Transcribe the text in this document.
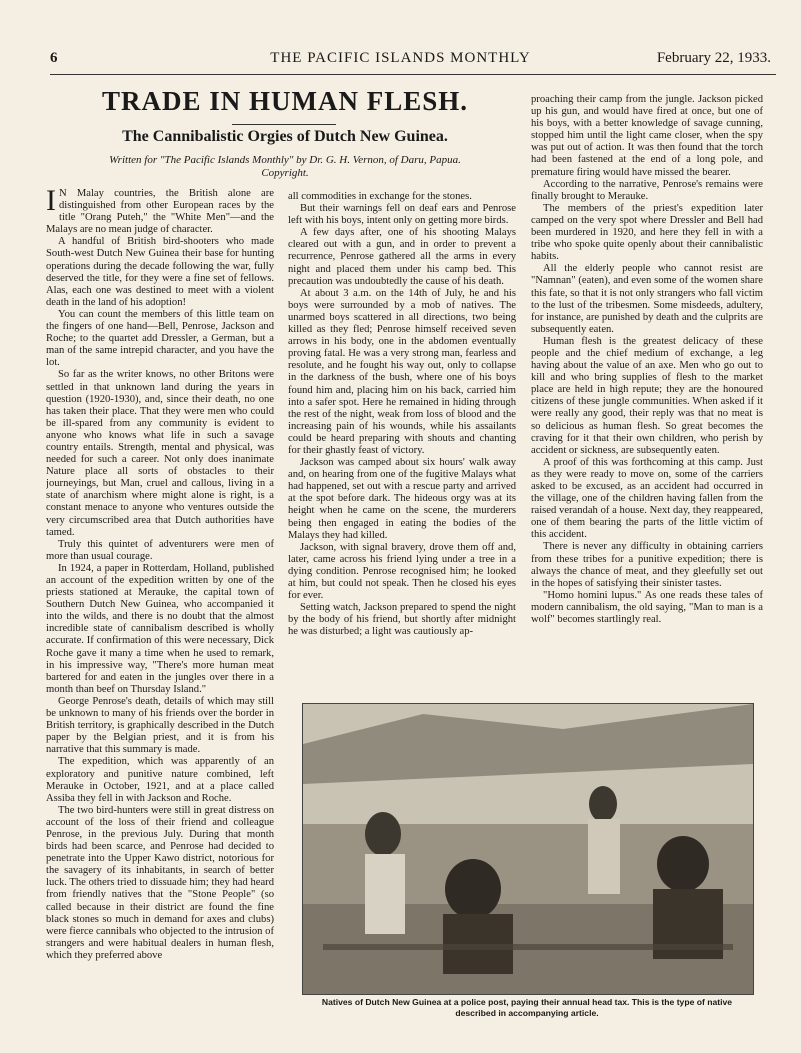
6	THE PACIFIC ISLANDS MONTHLY	February 22, 1933.
TRADE IN HUMAN FLESH.
The Cannibalistic Orgies of Dutch New Guinea.
Written for "The Pacific Islands Monthly" by Dr. G. H. Vernon, of Daru, Papua. Copyright.

I N Malay countries, the British alone are distinguished from other European races by the title "Orang Puteh," the "White Men"—and the Malays are no mean judge of character.

A handful of British bird-shooters who made South-west Dutch New Guinea their base for hunting operations during the decade following the war, fully deserved the title, for they were a fine set of fellows. Alas, each one was destined to meet with a violent death in the land of his adoption!

You can count the members of this little team on the fingers of one hand—Bell, Penrose, Jackson and Roche; to the quartet add Dressler, a German, but a man of the same intrepid character, and you have the lot.

So far as the writer knows, no other Britons were settled in that unknown land during the years in question (1920-1930), and, since their death, no one has taken their place. That they were men who could be ill-spared from any community is evident to anyone who knows what life in such a savage country entails. Strength, mental and physical, was needed for such a career. Not only does inanimate Nature place all sorts of obstacles to their journeyings, but Man, cruel and callous, living in a state of anarchism where might alone is right, is a constant menace to anyone who ventures outside the very circumscribed area that Dutch authorities have tamed.

Truly this quintet of adventurers were men of more than usual courage.

In 1924, a paper in Rotterdam, Holland, published an account of the expedition written by one of the priests stationed at Merauke, the capital town of Southern Dutch New Guinea, who accompanied it into the wilds, and there is no doubt that the almost incredible state of cannibalism described is wholly accurate. If confirmation of this were necessary, Dick Roche gave it many a time when he used to remark, in his impressive way, "There's more human meat bartered for and eaten in the jungles over there in a month than beef on Thursday Island."

George Penrose's death, details of which may still be unknown to many of his friends over the border in British territory, is graphically described in the Dutch paper by the Belgian priest, and it is from his narrative that this summary is made.

The expedition, which was apparently of an exploratory and punitive nature combined, left Merauke in October, 1921, and at a place called Assiba they fell in with Jackson and Roche.

The two bird-hunters were still in great distress on account of the loss of their friend and colleague Penrose, in the previous July. During that month birds had been scarce, and Penrose had decided to penetrate into the Upper Kawo district, notorious for the savagery of its inhabitants, in search of better luck. The others tried to dissuade him; they had heard from friendly natives that the "Stone People" (so called because in their district are found the fine black stones so much in demand for axes and clubs) were fierce cannibals who objected to the intrusion of strangers and were habitual dealers in human flesh, which they preferred above

all commodities in exchange for the stones.

But their warnings fell on deaf ears and Penrose left with his boys, intent only on getting more birds.

A few days after, one of his shooting Malays cleared out with a gun, and in order to prevent a recurrence, Penrose gathered all the arms in every night and placed them under his camp bed. This precaution was undoubtedly the cause of his death.

At about 3 a.m. on the 14th of July, he and his boys were surrounded by a mob of natives. The unarmed boys scattered in all directions, two being killed as they fled; Penrose himself received seven arrows in his body, one in the abdomen eventually proving fatal. He was a very strong man, fearless and resolute, and he fought his way out, only to collapse in the darkness of the bush, where one of his boys found him and, placing him on his back, carried him into a safer spot. Here he remained in hiding through the rest of the night, weak from loss of blood and the increasing pain of his wounds, while his assailants could be heard preparing with shouts and chanting for their ghastly feast of victory.

Jackson was camped about six hours' walk away and, on hearing from one of the fugitive Malays what had happened, set out with a rescue party and arrived at the spot before dark. The hideous orgy was at its height when he came on the scene, the murderers being then engaged in eating the bodies of the Malays they had killed.

Jackson, with signal bravery, drove them off and, later, came across his friend lying under a tree in a dying condition. Penrose recognised him; he looked at him, but could not speak. Then he closed his eyes for ever.

Setting watch, Jackson prepared to spend the night by the body of his friend, but shortly after midnight he was disturbed; a light was cautiously ap-

proaching their camp from the jungle. Jackson picked up his gun, and would have fired at once, but one of his boys, with a better knowledge of savage cunning, stopped him until the light came closer, when the spy was put out of action. It was then found that the torch had been fastened at the end of a long pole, and premature firing would have missed the bearer.

According to the narrative, Penrose's remains were finally brought to Merauke.

The members of the priest's expedition later camped on the very spot where Dressler and Bell had been murdered in 1920, and here they fell in with a tribe who spoke quite openly about their cannibalistic habits.

All the elderly people who cannot resist are "Namnan" (eaten), and even some of the women share this fate, so that it is not only strangers who fall victim to the lust of the tribesmen. Some misdeeds, adultery, for instance, are punished by death and the culprits are subsequently eaten.

Human flesh is the greatest delicacy of these people and the chief medium of exchange, a leg having about the value of an axe. Men who go out to kill and who bring supplies of flesh to the market place are held in high repute; they are the honoured citizens of these jungle communities. When asked if it were really any good, their reply was that no meat is so delicious as human flesh. So great becomes the craving for it that their own children, who perish by accident or sickness, are subsequently eaten.

A proof of this was forthcoming at this camp. Just as they were ready to move on, some of the carriers asked to be excused, as an accident had occurred in the village, one of the children having fallen from the raised verandah of a house. Next day, they reappeared, one of them bearing the parts of the little victim of this accident.

There is never any difficulty in obtaining carriers from these tribes for a punitive expedition; there is always the chance of meat, and they gleefully set out in the hopes of satisfying their sinister tastes.

"Homo homini lupus." As one reads these tales of modern cannibalism, the old saying, "Man to man is a wolf" becomes startlingly real.

Natives of Dutch New Guinea at a police post, paying their annual head tax. This is the type of native described in accompanying article.
